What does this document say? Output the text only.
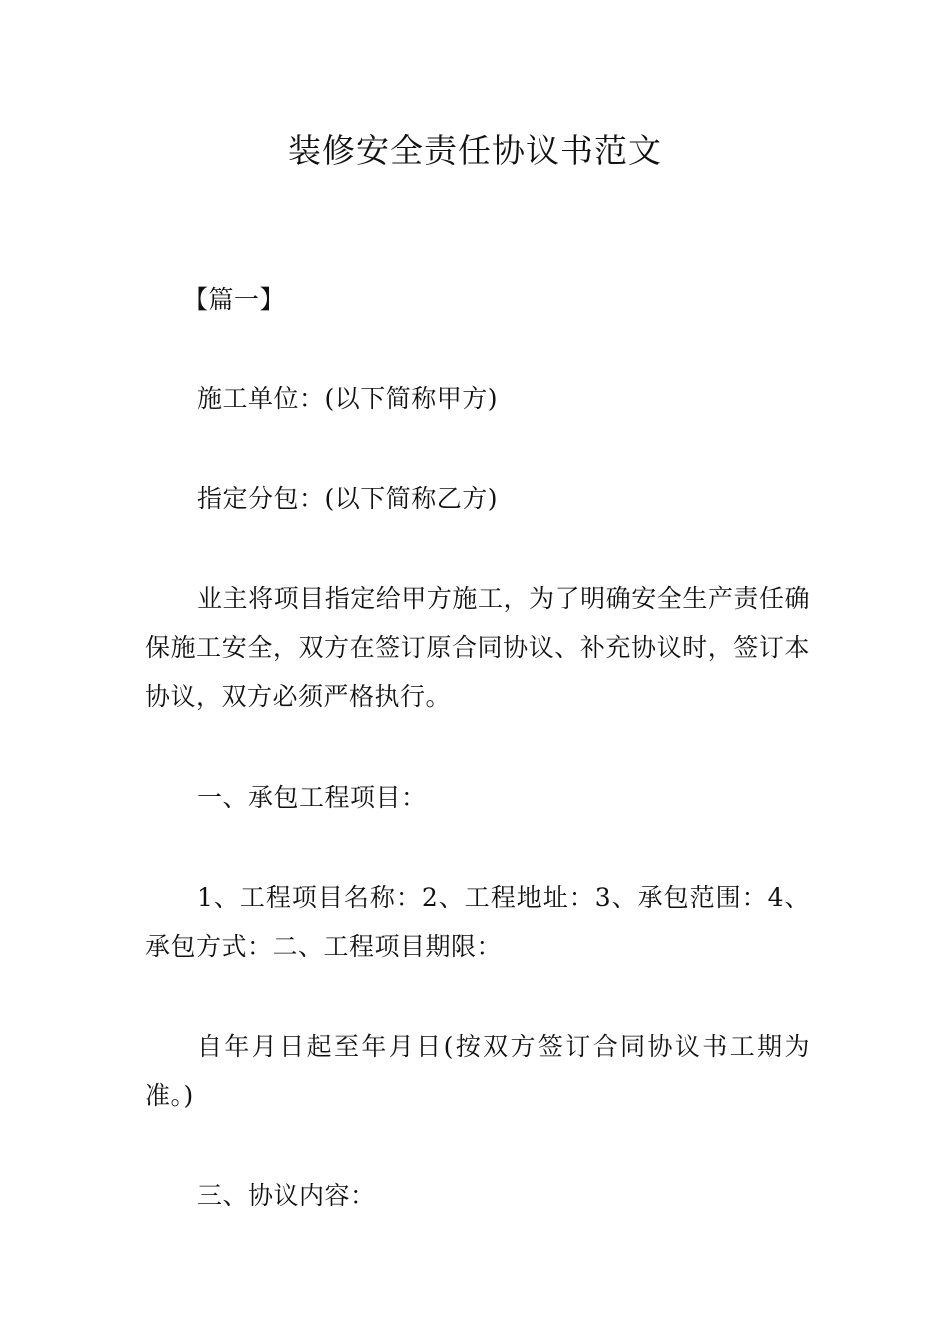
装修安全责任协议书范文

【篇一】

施工单位：(以下简称甲方)

指定分包：(以下简称乙方)

业主将项目指定给甲方施工，为了明确安全生产责任确保施工安全，双方在签订原合同协议、补充协议时，签订本协议，双方必须严格执行。

一、承包工程项目：

1、工程项目名称：2、工程地址：3、承包范围：4、承包方式：二、工程项目期限：

自年月日起至年月日(按双方签订合同协议书工期为准。)

三、协议内容：
